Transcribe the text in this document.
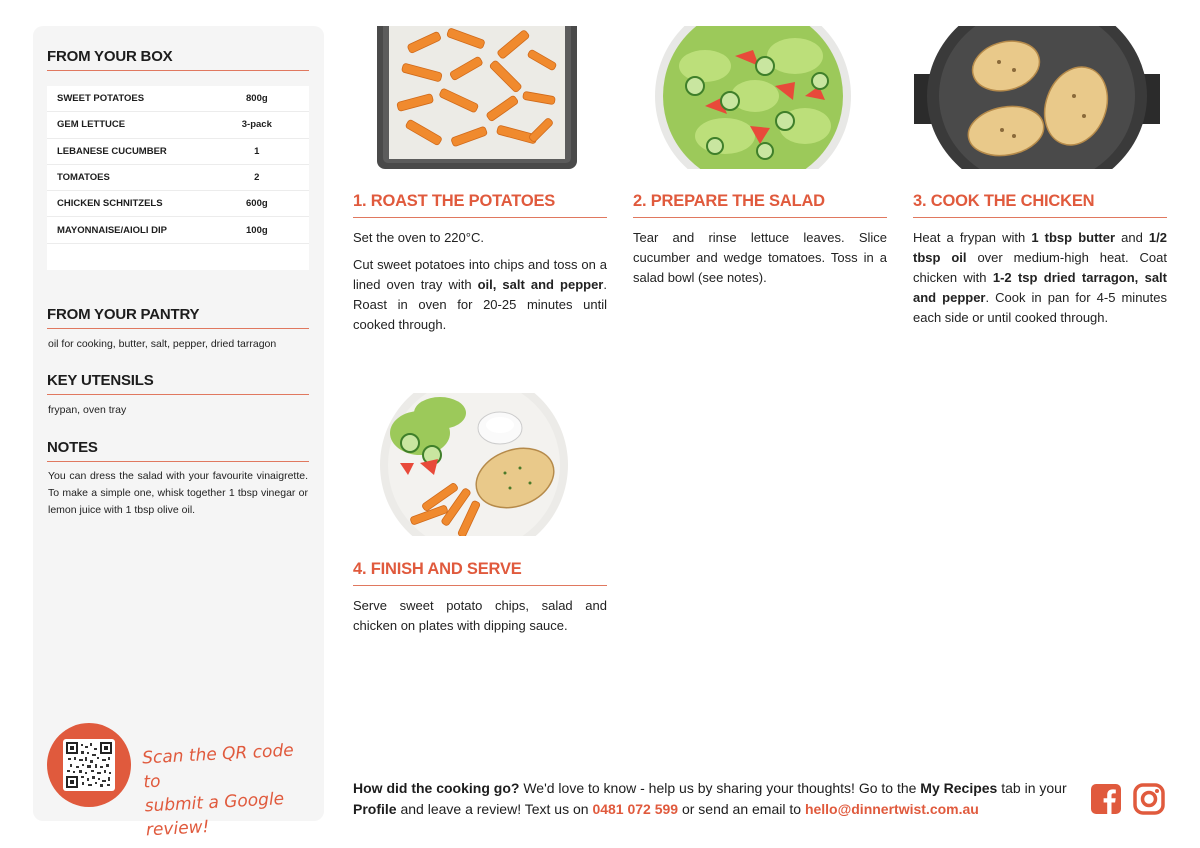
FROM YOUR BOX
SWEET POTATOES	800g
GEM LETTUCE	3-pack
LEBANESE CUCUMBER	1
TOMATOES	2
CHICKEN SCHNITZELS	600g
MAYONNAISE/AIOLI DIP	100g
FROM YOUR PANTRY
oil for cooking, butter, salt, pepper, dried tarragon
KEY UTENSILS
frypan, oven tray
NOTES
You can dress the salad with your favourite vinaigrette. To make a simple one, whisk together 1 tbsp vinegar or lemon juice with 1 tbsp olive oil.
Scan the QR code to
submit a Google review!
1. ROAST THE POTATOES

Set the oven to 220°C.

Cut sweet potatoes into chips and toss on a lined oven tray with oil, salt and pepper. Roast in oven for 20-25 minutes until cooked through.

2. PREPARE THE SALAD

Tear and rinse lettuce leaves. Slice cucumber and wedge tomatoes. Toss in a salad bowl (see notes).

3. COOK THE CHICKEN

Heat a frypan with 1 tbsp butter and 1/2 tbsp oil over medium-high heat. Coat chicken with 1-2 tsp dried tarragon, salt and pepper. Cook in pan for 4-5 minutes each side or until cooked through.

4. FINISH AND SERVE

Serve sweet potato chips, salad and chicken on plates with dipping sauce.

How did the cooking go? We'd love to know - help us by sharing your thoughts! Go to the My Recipes tab in your Profile and leave a review! Text us on 0481 072 599 or send an email to hello@dinnertwist.com.au
